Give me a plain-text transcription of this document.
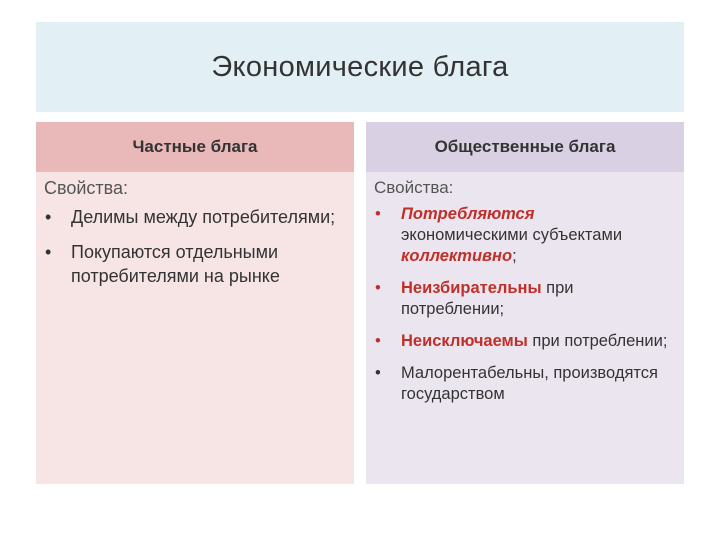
Экономические блага
Частные блага
Свойства:
• Делимы между потребителями;
• Покупаются отдельными потребителями на рынке
Общественные блага
Свойства:
• Потребляются
экономическими субъектами
коллективно;
• Неизбирательны при потреблении;
• Неисключаемы при потреблении;
• Малорентабельны, производятся государством
